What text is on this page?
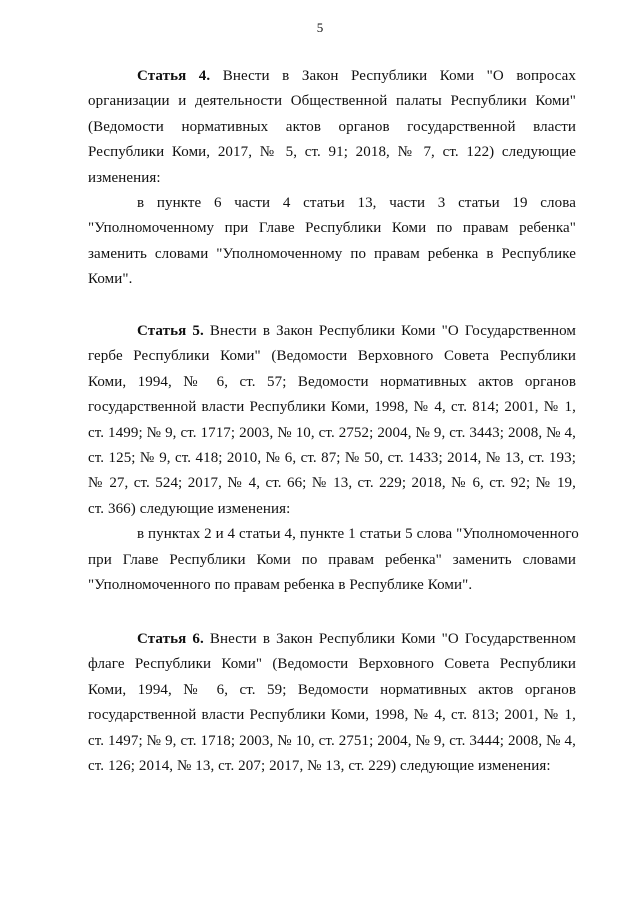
5
Статья 4. Внести в Закон Республики Коми "О вопросах
организации и деятельности Общественной палаты Республики Коми"
(Ведомости нормативных актов органов государственной власти
Республики Коми, 2017, № 5, ст. 91; 2018, № 7, ст. 122) следующие
изменения:
в пункте 6 части 4 статьи 13, части 3 статьи 19 слова
"Уполномоченному при Главе Республики Коми по правам ребенка"
заменить словами "Уполномоченному по правам ребенка в Республике
Коми".
Статья 5. Внести в Закон Республики Коми "О Государственном
гербе Республики Коми" (Ведомости Верховного Совета Республики
Коми, 1994, № 6, ст. 57; Ведомости нормативных актов органов
государственной власти Республики Коми, 1998, № 4, ст. 814; 2001, № 1,
ст. 1499; № 9, ст. 1717; 2003, № 10, ст. 2752; 2004, № 9, ст. 3443; 2008, № 4,
ст. 125; № 9, ст. 418; 2010, № 6, ст. 87; № 50, ст. 1433; 2014, № 13, ст. 193;
№ 27, ст. 524; 2017, № 4, ст. 66; № 13, ст. 229; 2018, № 6, ст. 92; № 19,
ст. 366) следующие изменения:
в пунктах 2 и 4 статьи 4, пункте 1 статьи 5 слова "Уполномоченного
при Главе Республики Коми по правам ребенка" заменить словами
"Уполномоченного по правам ребенка в Республике Коми".
Статья 6. Внести в Закон Республики Коми "О Государственном
флаге Республики Коми" (Ведомости Верховного Совета Республики
Коми, 1994, № 6, ст. 59; Ведомости нормативных актов органов
государственной власти Республики Коми, 1998, № 4, ст. 813; 2001, № 1,
ст. 1497; № 9, ст. 1718; 2003, № 10, ст. 2751; 2004, № 9, ст. 3444; 2008, № 4,
ст. 126; 2014, № 13, ст. 207; 2017, № 13, ст. 229) следующие изменения:
